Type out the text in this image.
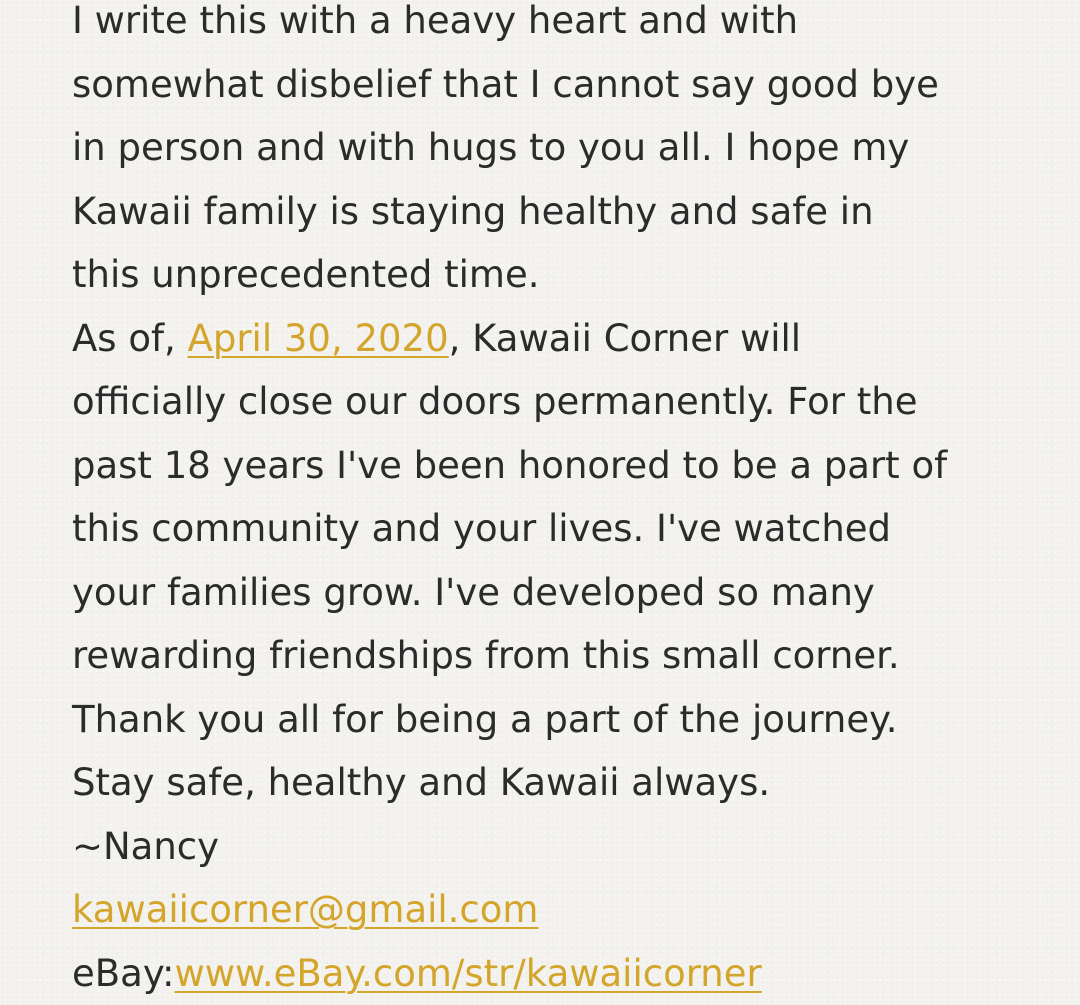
I write this with a heavy heart and with
somewhat disbelief that I cannot say good bye
in person and with hugs to you all. I hope my
Kawaii family is staying healthy and safe in
this unprecedented time.
As of, April 30, 2020, Kawaii Corner will
officially close our doors permanently. For the
past 18 years I've been honored to be a part of
this community and your lives. I've watched
your families grow. I've developed so many
rewarding friendships from this small corner.
Thank you all for being a part of the journey.
Stay safe, healthy and Kawaii always.
~Nancy
kawaiicorner@gmail.com
eBay:www.eBay.com/str/kawaiicorner
